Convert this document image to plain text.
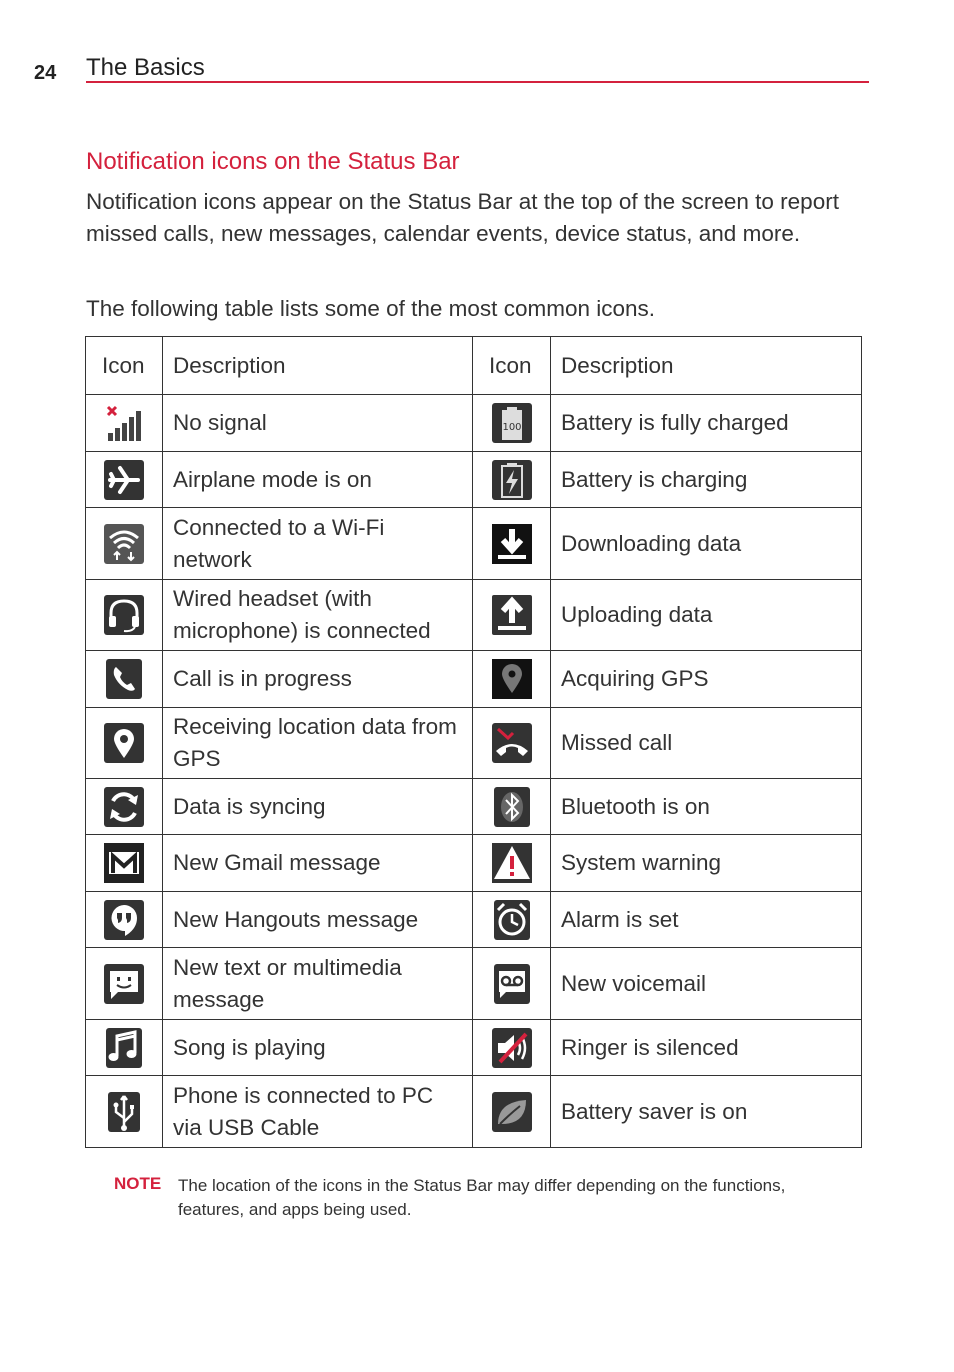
24 The Basics
Notification icons on the Status Bar

Notification icons appear on the Status Bar at the top of the screen to report missed calls, new messages, calendar events, device status, and more.

The following table lists some of the most common icons.

Icon	Description	Icon	Description

	No signal	100	Battery is fully charged

	Airplane mode is on		Battery is charging

	Connected to a Wi-Fi network		Downloading data

	Wired headset (with microphone) is connected		Uploading data

	Call is in progress		Acquiring GPS

	Receiving location data from GPS		Missed call

	Data is syncing		Bluetooth is on

	New Gmail message		System warning

	New Hangouts message		Alarm is set

	New text or multimedia message		New voicemail

	Song is playing		Ringer is silenced

	Phone is connected to PC via USB Cable		Battery saver is on
NOTE The location of the icons in the Status Bar may differ depending on the functions, features, and apps being used.
